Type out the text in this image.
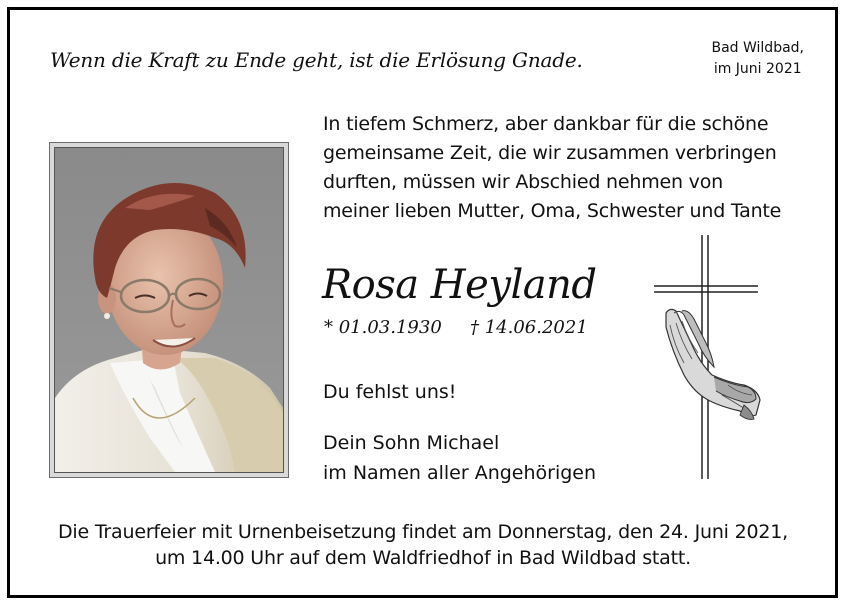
Wenn die Kraft zu Ende geht, ist die Erlösung Gnade.	Bad Wildbad,
im Juni 2021
In tiefem Schmerz, aber dankbar für die schöne
gemeinsame Zeit, die wir zusammen verbringen
durften, müssen wir Abschied nehmen von
meiner lieben Mutter, Oma, Schwester und Tante
Rosa Heyland
* 01.03.1930 † 14.06.2021
Du fehlst uns!
Dein Sohn Michael
im Namen aller Angehörigen
Die Trauerfeier mit Urnenbeisetzung findet am Donnerstag, den 24. Juni 2021,
um 14.00 Uhr auf dem Waldfriedhof in Bad Wildbad statt.
